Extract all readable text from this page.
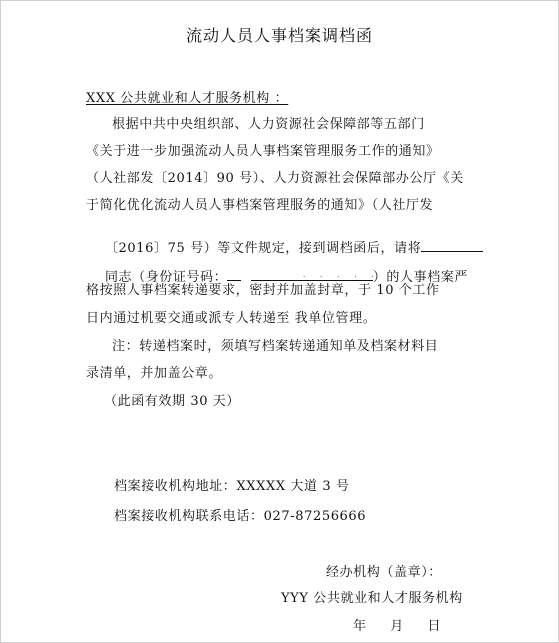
流动人员人事档案调档函
XXX 公共就业和人才服务机构 ：
根据中共中央组织部、人力资源社会保障部等五部门
《关于进一步加强流动人员人事档案管理服务工作的通知》
（人社部发〔2014〕90 号）、人力资源社会保障部办公厅《关
于简化优化流动人员人事档案管理服务的通知》（人社厅发

〔2016〕75 号）等文件规定，接到调档函后，请将

同志（身份证号码：	. . . . .
）的人事档案严

格按照人事档案转递要求，密封并加盖封章，于 10 个工作
日内通过机要交通或派专人转递至 我单位管理。
注：转递档案时，须填写档案转递通知单及档案材料目
录清单，并加盖公章。
（此函有效期 30 天）
档案接收机构地址：XXXXX 大道 3 号
档案接收机构联系电话：027-87256666
经办机构（盖章）：
YYY 公共就业和人才服务机构
年     月     日
